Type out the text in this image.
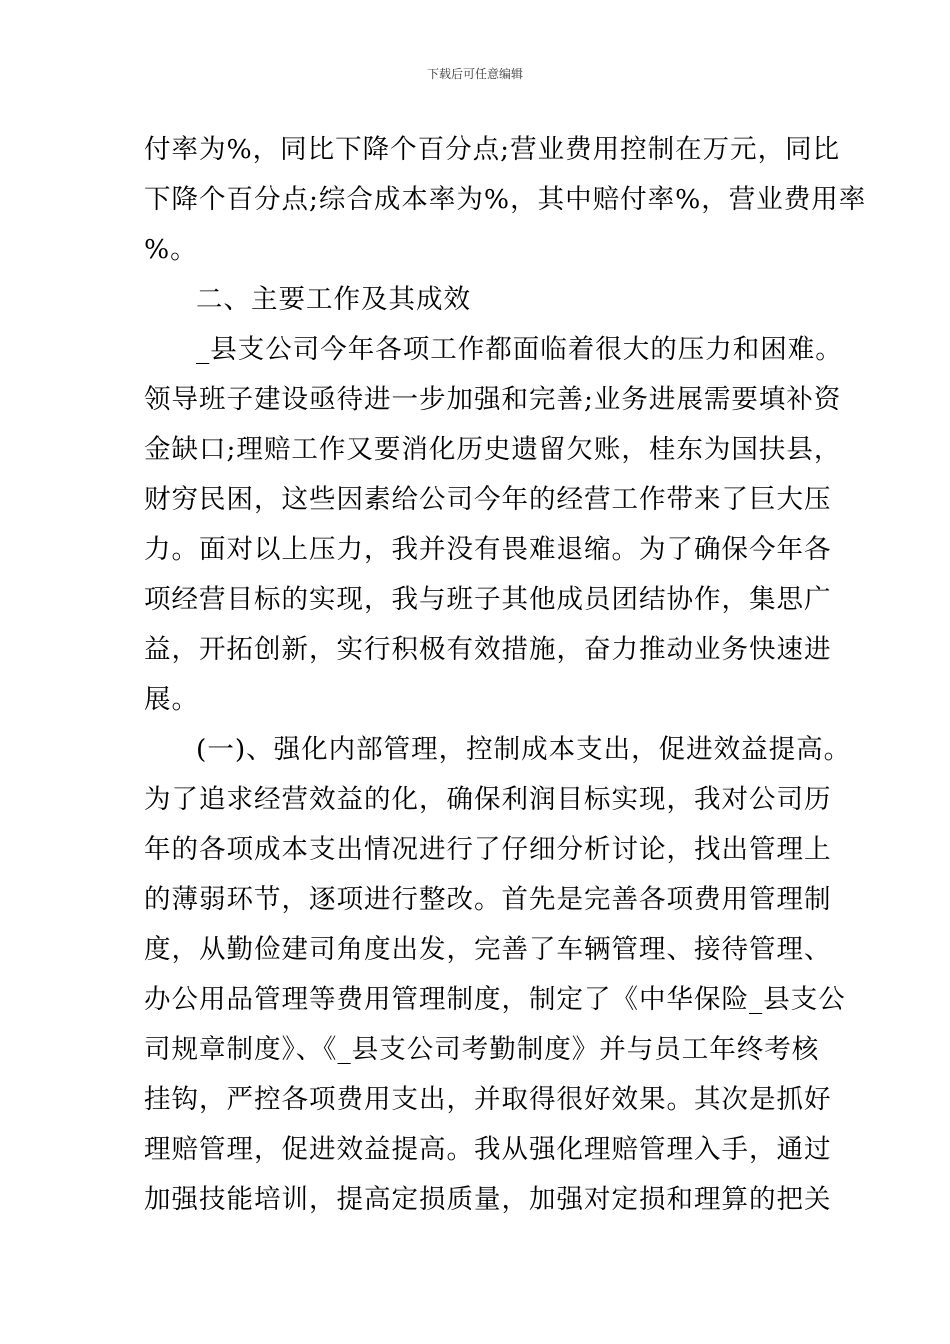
下载后可任意编辑
付率为%，同比下降个百分点;营业费用控制在万元，同比
下降个百分点;综合成本率为%，其中赔付率%，营业费用率
%。
二、主要工作及其成效
_县支公司今年各项工作都面临着很大的压力和困难。
领导班子建设亟待进一步加强和完善;业务进展需要填补资
金缺口;理赔工作又要消化历史遗留欠账，桂东为国扶县，
财穷民困，这些因素给公司今年的经营工作带来了巨大压
力。面对以上压力，我并没有畏难退缩。为了确保今年各
项经营目标的实现，我与班子其他成员团结协作，集思广
益，开拓创新，实行积极有效措施，奋力推动业务快速进
展。
(一)、强化内部管理，控制成本支出，促进效益提高。
为了追求经营效益的化，确保利润目标实现，我对公司历
年的各项成本支出情况进行了仔细分析讨论，找出管理上
的薄弱环节，逐项进行整改。首先是完善各项费用管理制
度，从勤俭建司角度出发，完善了车辆管理、接待管理、
办公用品管理等费用管理制度，制定了《中华保险_县支公
司规章制度》、《_县支公司考勤制度》并与员工年终考核
挂钩，严控各项费用支出，并取得很好效果。其次是抓好
理赔管理，促进效益提高。我从强化理赔管理入手，通过
加强技能培训，提高定损质量，加强对定损和理算的把关
